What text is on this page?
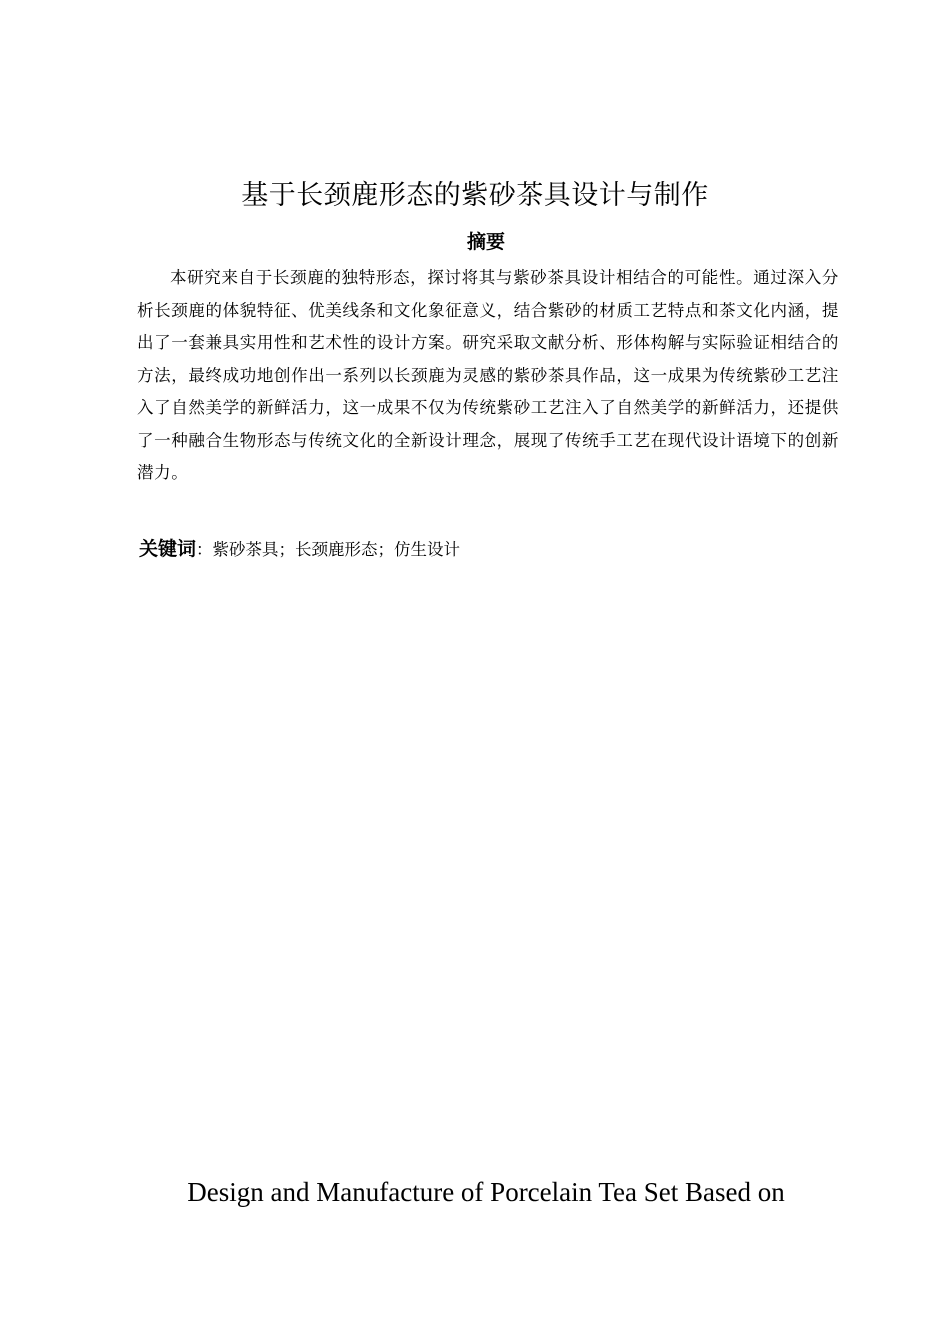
基于长颈鹿形态的紫砂茶具设计与制作
摘要
本研究来自于长颈鹿的独特形态，探讨将其与紫砂茶具设计相结合的可能性。通过深入分析长颈鹿的体貌特征、优美线条和文化象征意义，结合紫砂的材质工艺特点和茶文化内涵，提出了一套兼具实用性和艺术性的设计方案。研究采取文献分析、形体构解与实际验证相结合的方法，最终成功地创作出一系列以长颈鹿为灵感的紫砂茶具作品，这一成果为传统紫砂工艺注入了自然美学的新鲜活力，这一成果不仅为传统紫砂工艺注入了自然美学的新鲜活力，还提供了一种融合生物形态与传统文化的全新设计理念，展现了传统手工艺在现代设计语境下的创新潜力。
关键词：紫砂茶具；长颈鹿形态；仿生设计
Design and Manufacture of Porcelain Tea Set Based on
